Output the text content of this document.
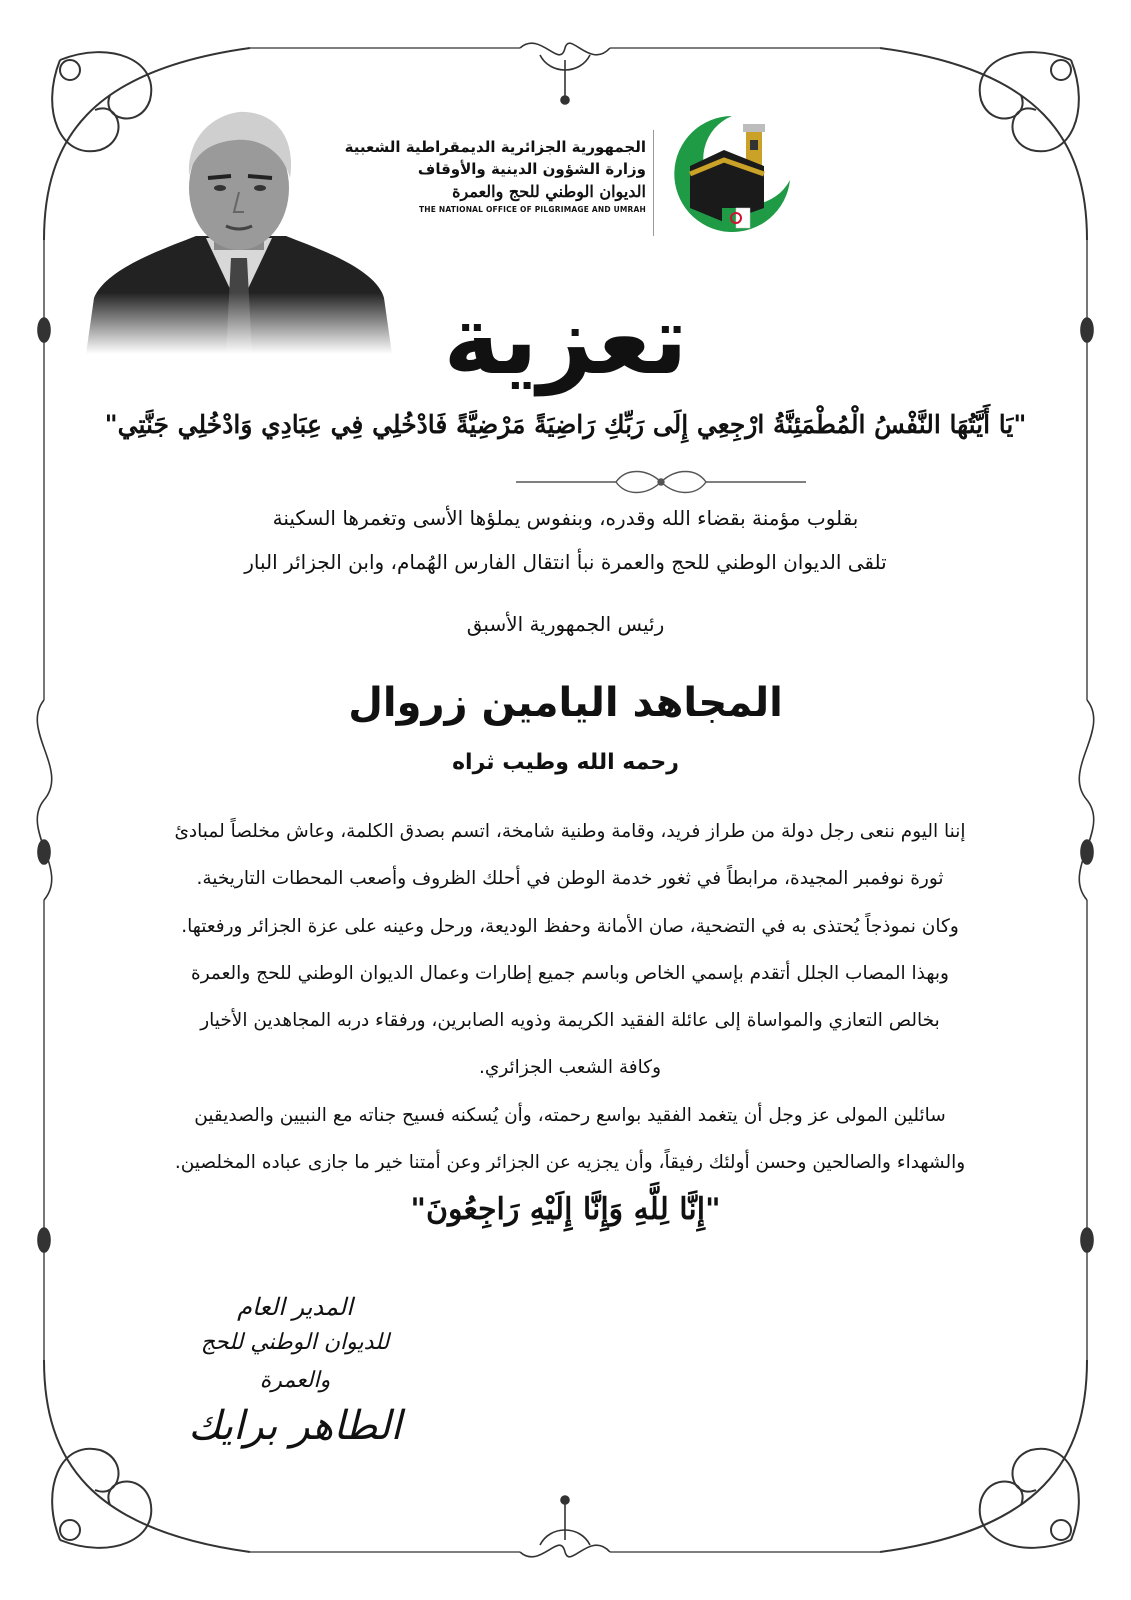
الجمهورية الجزائرية الديمقراطية الشعبية
وزارة الشؤون الدينية والأوقاف
الديوان الوطني للحج والعمرة
THE NATIONAL OFFICE OF PILGRIMAGE AND UMRAH
تعزية
"يَا أَيَّتُهَا النَّفْسُ الْمُطْمَئِنَّةُ ارْجِعِي إِلَى رَبِّكِ رَاضِيَةً مَرْضِيَّةً فَادْخُلِي فِي عِبَادِي وَادْخُلِي جَنَّتِي"
بقلوب مؤمنة بقضاء الله وقدره، وبنفوس يملؤها الأسى وتغمرها السكينة
تلقى الديوان الوطني للحج والعمرة نبأ انتقال الفارس الهُمام، وابن الجزائر البار
رئيس الجمهورية الأسبق
المجاهد اليامين زروال
رحمه الله وطيب ثراه
إننا اليوم ننعى رجل دولة من طراز فريد، وقامة وطنية شامخة، اتسم بصدق الكلمة، وعاش مخلصاً لمبادئ
ثورة نوفمبر المجيدة، مرابطاً في ثغور خدمة الوطن في أحلك الظروف وأصعب المحطات التاريخية.
وكان نموذجاً يُحتذى به في التضحية، صان الأمانة وحفظ الوديعة، ورحل وعينه على عزة الجزائر ورفعتها.
وبهذا المصاب الجلل أتقدم بإسمي الخاص وباسم جميع إطارات وعمال الديوان الوطني للحج والعمرة
بخالص التعازي والمواساة إلى عائلة الفقيد الكريمة وذويه الصابرين، ورفقاء دربه المجاهدين الأخيار
وكافة الشعب الجزائري.
سائلين المولى عز وجل أن يتغمد الفقيد بواسع رحمته، وأن يُسكنه فسيح جناته مع النبيين والصديقين
والشهداء والصالحين وحسن أولئك رفيقاً، وأن يجزيه عن الجزائر وعن أمتنا خير ما جازى عباده المخلصين.
"إِنَّا لِلَّهِ وَإِنَّا إِلَيْهِ رَاجِعُونَ"
المدير العام
للديوان الوطني للحج والعمرة
الطاهر برايك
